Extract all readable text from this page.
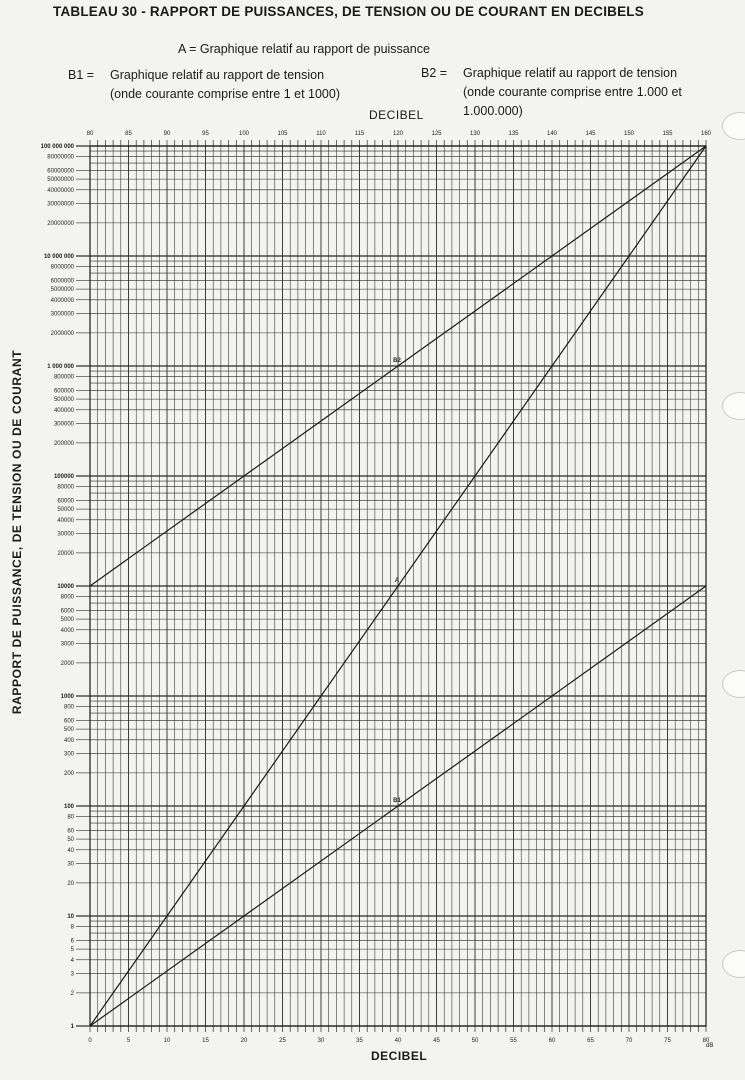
TABLEAU 30 - RAPPORT DE PUISSANCES, DE TENSION OU DE COURANT EN DECIBELS
A = Graphique relatif au rapport de puissance
B1 = Graphique relatif au rapport de tension
(onde courante comprise entre 1 et 1000)
B2 = Graphique relatif au rapport de tension
(onde courante comprise entre 1.000 et
1.000.000)
DECIBEL
DECIBEL
dB
RAPPORT DE PUISSANCE, DE TENSION OU DE COURANT
1
2
3
4
5
6
8
10
20
30
40
50
60
80
100
200
300
400
500
600
800
1000
2000
3000
4000
5000
6000
8000
10000
20000
30000
40000
50000
60000
80000
100000
200000
300000
400000
500000
600000
800000
1 000 000
2000000
3000000
4000000
5000000
6000000
8000000
10 000 000
20000000
30000000
40000000
50000000
60000000
80000000
100 000 000
0	5	10	15	20	25	30	35	40	45	50	55	60	65	70	75	80
80	85	90	95	100	105	110	115	120	125	130	135	140	145	150	155	160
A
B1
B2
